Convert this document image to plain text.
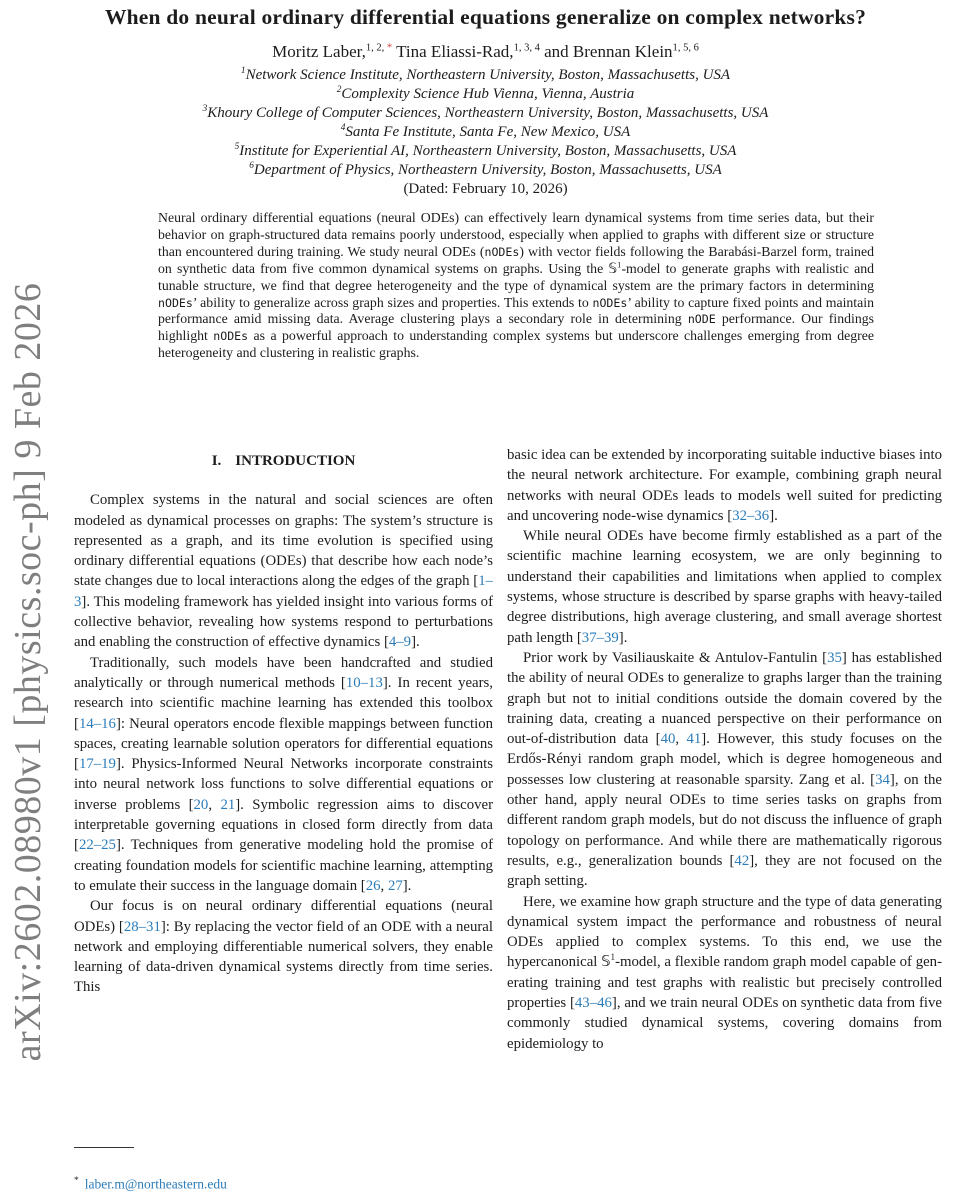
arXiv:2602.08980v1 [physics.soc-ph] 9 Feb 2026
When do neural ordinary differential equations generalize on complex networks?
Moritz Laber,$^{1, 2,}$ * Tina Eliassi-Rad,$^{1, 3, 4}$ and Brennan Klein$^{1, 5, 6}$
$^1$Network Science Institute, Northeastern University, Boston, Massachusetts, USA
$^2$Complexity Science Hub Vienna, Vienna, Austria
$^3$Khoury College of Computer Sciences, Northeastern University, Boston, Massachusetts, USA
$^4$Santa Fe Institute, Santa Fe, New Mexico, USA
$^5$Institute for Experiential AI, Northeastern University, Boston, Massachusetts, USA
$^6$Department of Physics, Northeastern University, Boston, Massachusetts, USA
(Dated: February 10, 2026)
Neural ordinary differential equations (neural ODEs) can effectively learn dynamical systems from time series data, but their behavior on graph-structured data remains poorly understood, especially when applied to graphs with different size or structure than encountered during training. We study neural ODEs (nODEs) with vector fields following the Barabási-Barzel form, trained on synthetic data from five common dynamical systems on graphs. Using the 𝕊$^1$-model to generate graphs with realistic and tunable structure, we find that degree heterogeneity and the type of dynamical system are the primary factors in determining nODEs’ ability to generalize across graph sizes and properties. This extends to nODEs’ ability to capture fixed points and maintain performance amid missing data. Average clustering plays a secondary role in determining nODE performance. Our findings highlight nODEs as a powerful approach to understanding complex systems but underscore challenges emerging from degree heterogeneity and clustering in realistic graphs.
I. INTRODUCTION

Complex systems in the natural and social sciences are often modeled as dynamical processes on graphs: The system’s structure is represented as a graph, and its time evolution is specified using ordinary differential equations (ODEs) that describe how each node’s state changes due to local interactions along the edges of the graph [1–3]. This modeling framework has yielded insight into various forms of collective behavior, revealing how systems respond to perturbations and enabling the construction of effective dynamics [4–9].

Traditionally, such models have been handcrafted and studied analytically or through numerical methods [10–13]. In recent years, research into scientific machine learning has extended this toolbox [14–16]: Neural operators encode flexible mappings between function spaces, creating learnable solution operators for differential equations [17–19]. Physics-Informed Neural Networks incorporate constraints into neural network loss functions to solve differential equations or inverse problems [20, 21]. Symbolic regression aims to discover interpretable governing equations in closed form directly from data [22–25]. Techniques from generative modeling hold the promise of creating foundation models for scientific machine learning, attempting to emulate their success in the language domain [26, 27].

Our focus is on neural ordinary differential equations (neural ODEs) [28–31]: By replacing the vector field of an ODE with a neural network and employing differentiable numerical solvers, they enable learning of data-driven dynamical systems directly from time series. This

basic idea can be extended by incorporating suitable inductive biases into the neural network architecture. For example, combining graph neural networks with neural ODEs leads to models well suited for predicting and uncovering node-wise dynamics [32–36].

While neural ODEs have become firmly established as a part of the scientific machine learning ecosystem, we are only beginning to understand their capabilities and limitations when applied to complex systems, whose structure is described by sparse graphs with heavy-tailed degree distributions, high average clustering, and small average shortest path length [37–39].

Prior work by Vasiliauskaite & Antulov-Fantulin [35] has established the ability of neural ODEs to generalize to graphs larger than the training graph but not to initial conditions outside the domain covered by the training data, creating a nuanced perspective on their performance on out-of-distribution data [40, 41]. However, this study focuses on the Erdős-Rényi random graph model, which is degree homogeneous and possesses low clustering at reasonable sparsity. Zang et al. [34], on the other hand, apply neural ODEs to time series tasks on graphs from different random graph models, but do not discuss the influence of graph topology on performance. And while there are mathematically rigorous results, e.g., generalization bounds [42], they are not focused on the graph setting.

Here, we examine how graph structure and the type of data generating dynamical system impact the performance and robustness of neural ODEs applied to complex systems. To this end, we use the hypercanonical 𝕊$^1$-model, a flexible random graph model capable of generating training and test graphs with realistic but precisely controlled properties [43–46], and we train neural ODEs on synthetic data from five commonly studied dynamical systems, covering domains from epidemiology to

* laber.m@northeastern.edu
